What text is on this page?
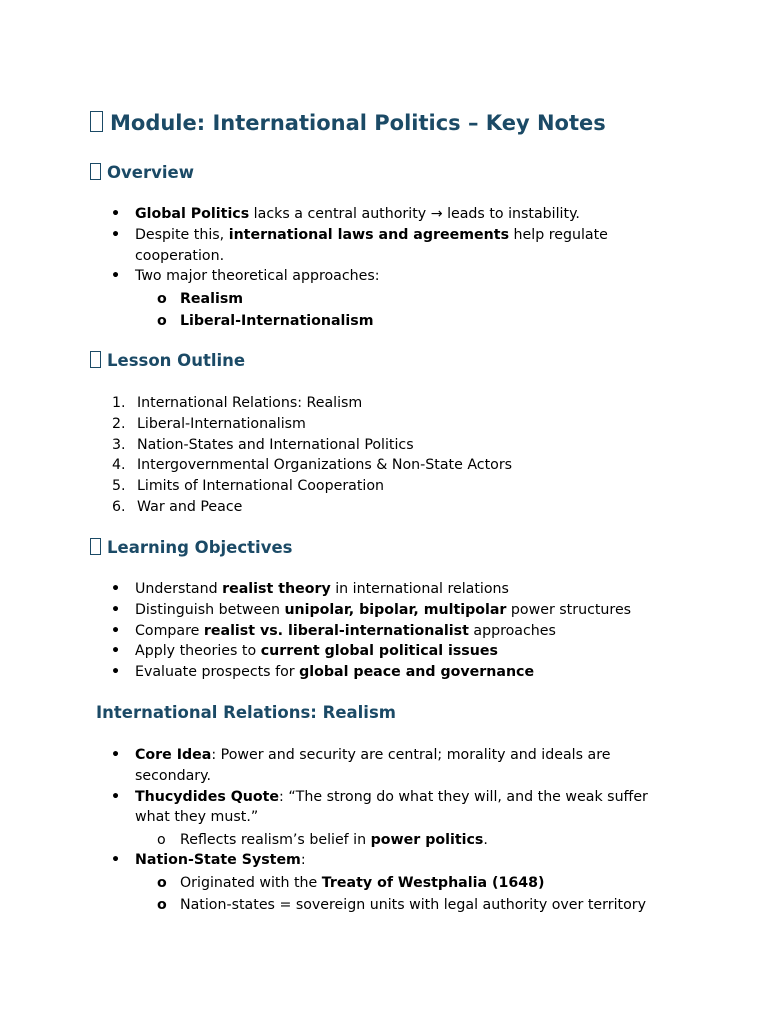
Module: International Politics – Key Notes
Overview
• Global Politics lacks a central authority → leads to instability.
• Despite this, international laws and agreements help regulate cooperation.
• Two major theoretical approaches:
o Realism
o Liberal-Internationalism
Lesson Outline
1. International Relations: Realism
2. Liberal-Internationalism
3. Nation-States and International Politics
4. Intergovernmental Organizations & Non-State Actors
5. Limits of International Cooperation
6. War and Peace
Learning Objectives
• Understand realist theory in international relations
• Distinguish between unipolar, bipolar, multipolar power structures
• Compare realist vs. liberal-internationalist approaches
• Apply theories to current global political issues
• Evaluate prospects for global peace and governance
International Relations: Realism
• Core Idea: Power and security are central; morality and ideals are secondary.
• Thucydides Quote: “The strong do what they will, and the weak suffer what they must.”
o Reflects realism’s belief in power politics.
• Nation-State System:
o Originated with the Treaty of Westphalia (1648)
o Nation-states = sovereign units with legal authority over territory
